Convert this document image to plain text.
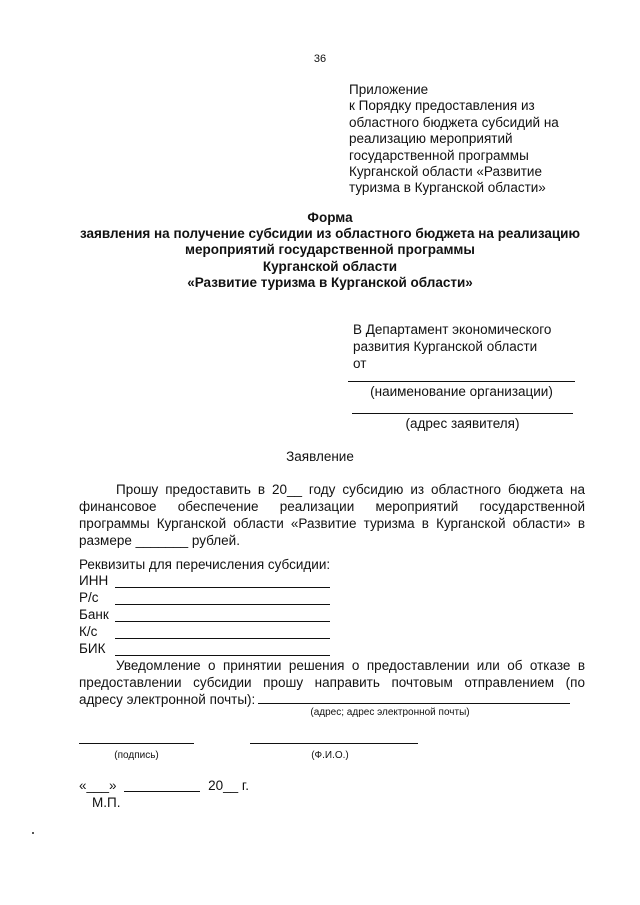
36
Приложение
к Порядку предоставления из
областного бюджета субсидий на
реализацию мероприятий
государственной программы
Курганской области «Развитие
туризма в Курганской области»
Форма
заявления на получение субсидии из областного бюджета на реализацию
мероприятий государственной программы
Курганской области
«Развитие туризма в Курганской области»
В Департамент экономического
развития Курганской области
от
(наименование организации)
(адрес заявителя)
Заявление
Прошу предоставить в 20__ году субсидию из областного бюджета на
финансовое обеспечение реализации мероприятий государственной
программы Курганской области «Развитие туризма в Курганской области» в
размере _______ рублей.
Реквизиты для перечисления субсидии:
ИНН
Р/с
Банк
К/с
БИК
Уведомление о принятии решения о предоставлении или об отказе в
предоставлении субсидии прошу направить почтовым отправлением (по
адресу электронной почты):
(адрес; адрес электронной почты)
(подпись)	(Ф.И.О.)
«___»	20__ г.
М.П.
